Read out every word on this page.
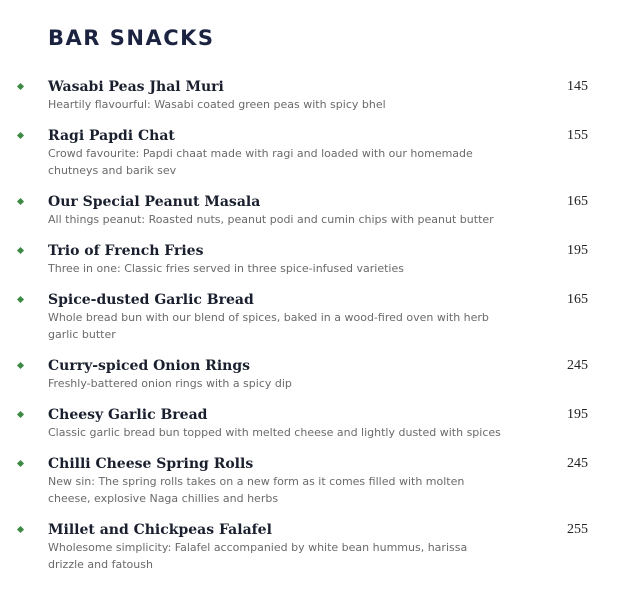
BAR SNACKS
Wasabi Peas Jhal Muri
Heartily flavourful: Wasabi coated green peas with spicy bhel
145
Ragi Papdi Chat
Crowd favourite: Papdi chaat made with ragi and loaded with our homemade chutneys and barik sev
155
Our Special Peanut Masala
All things peanut: Roasted nuts, peanut podi and cumin chips with peanut butter
165
Trio of French Fries
Three in one: Classic fries served in three spice-infused varieties
195
Spice-dusted Garlic Bread
Whole bread bun with our blend of spices, baked in a wood-fired oven with herb garlic butter
165
Curry-spiced Onion Rings
Freshly-battered onion rings with a spicy dip
245
Cheesy Garlic Bread
Classic garlic bread bun topped with melted cheese and lightly dusted with spices
195
Chilli Cheese Spring Rolls
New sin: The spring rolls takes on a new form as it comes filled with molten cheese, explosive Naga chillies and herbs
245
Millet and Chickpeas Falafel
Wholesome simplicity: Falafel accompanied by white bean hummus, harissa drizzle and fatoush
255
